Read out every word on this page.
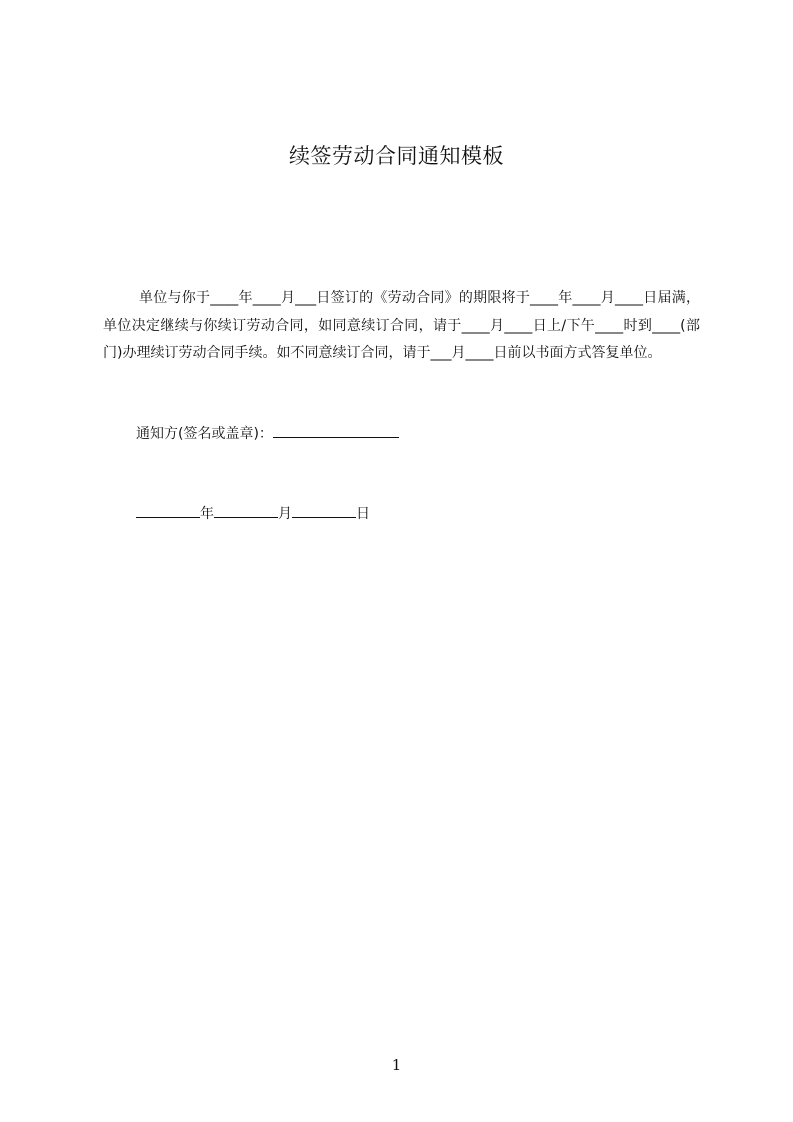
续签劳动合同通知模板
单位与你于____年____月___日签订的《劳动合同》的期限将于____年____月____日届满，单位决定继续与你续订劳动合同，如同意续订合同，请于____月____日上/下午____时到____(部门)办理续订劳动合同手续。如不同意续订合同，请于___月____日前以书面方式答复单位。
通知方(签名或盖章)：
年	月	日
1
